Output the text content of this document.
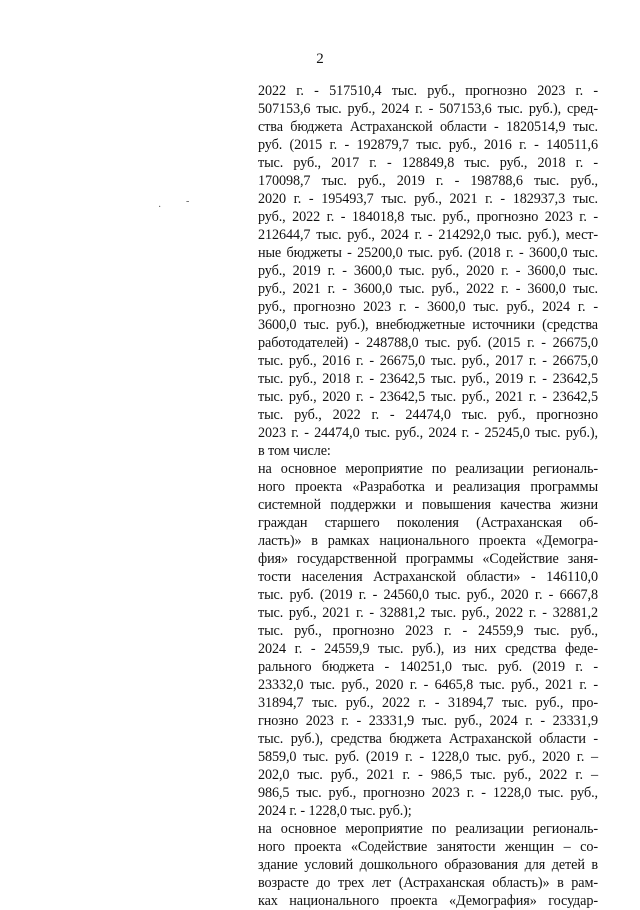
2
-
·
2022 г. - 517510,4 тыс. руб., прогнозно 2023 г. -
507153,6 тыс. руб., 2024 г. - 507153,6 тыс. руб.), сред-
ства бюджета Астраханской области - 1820514,9 тыс.
руб. (2015 г. - 192879,7 тыс. руб., 2016 г. - 140511,6
тыс. руб., 2017 г. - 128849,8 тыс. руб., 2018 г. -
170098,7 тыс. руб., 2019 г. - 198788,6 тыс. руб.,
2020 г. - 195493,7 тыс. руб., 2021 г. - 182937,3 тыс.
руб., 2022 г. - 184018,8 тыс. руб., прогнозно 2023 г. -
212644,7 тыс. руб., 2024 г. - 214292,0 тыс. руб.), мест-
ные бюджеты - 25200,0 тыс. руб. (2018 г. - 3600,0 тыс.
руб., 2019 г. - 3600,0 тыс. руб., 2020 г. - 3600,0 тыс.
руб., 2021 г. - 3600,0 тыс. руб., 2022 г. - 3600,0 тыс.
руб., прогнозно 2023 г. - 3600,0 тыс. руб., 2024 г. -
3600,0 тыс. руб.), внебюджетные источники (средства
работодателей) - 248788,0 тыс. руб. (2015 г. - 26675,0
тыс. руб., 2016 г. - 26675,0 тыс. руб., 2017 г. - 26675,0
тыс. руб., 2018 г. - 23642,5 тыс. руб., 2019 г. - 23642,5
тыс. руб., 2020 г. - 23642,5 тыс. руб., 2021 г. - 23642,5
тыс. руб., 2022 г. - 24474,0 тыс. руб., прогнозно
2023 г. - 24474,0 тыс. руб., 2024 г. - 25245,0 тыс. руб.),
в том числе:
на основное мероприятие по реализации региональ-
ного проекта «Разработка и реализация программы
системной поддержки и повышения качества жизни
граждан старшего поколения (Астраханская об-
ласть)» в рамках национального проекта «Демогра-
фия» государственной программы «Содействие заня-
тости населения Астраханской области» - 146110,0
тыс. руб. (2019 г. - 24560,0 тыс. руб., 2020 г. - 6667,8
тыс. руб., 2021 г. - 32881,2 тыс. руб., 2022 г. - 32881,2
тыс. руб., прогнозно 2023 г. - 24559,9 тыс. руб.,
2024 г. - 24559,9 тыс. руб.), из них средства феде-
рального бюджета - 140251,0 тыс. руб. (2019 г. -
23332,0 тыс. руб., 2020 г. - 6465,8 тыс. руб., 2021 г. -
31894,7 тыс. руб., 2022 г. - 31894,7 тыс. руб., про-
гнозно 2023 г. - 23331,9 тыс. руб., 2024 г. - 23331,9
тыс. руб.), средства бюджета Астраханской области -
5859,0 тыс. руб. (2019 г. - 1228,0 тыс. руб., 2020 г. –
202,0 тыс. руб., 2021 г. - 986,5 тыс. руб., 2022 г. –
986,5 тыс. руб., прогнозно 2023 г. - 1228,0 тыс. руб.,
2024 г. - 1228,0 тыс. руб.);
на основное мероприятие по реализации региональ-
ного проекта «Содействие занятости женщин – со-
здание условий дошкольного образования для детей в
возрасте до трех лет (Астраханская область)» в рам-
ках национального проекта «Демография» государ-
